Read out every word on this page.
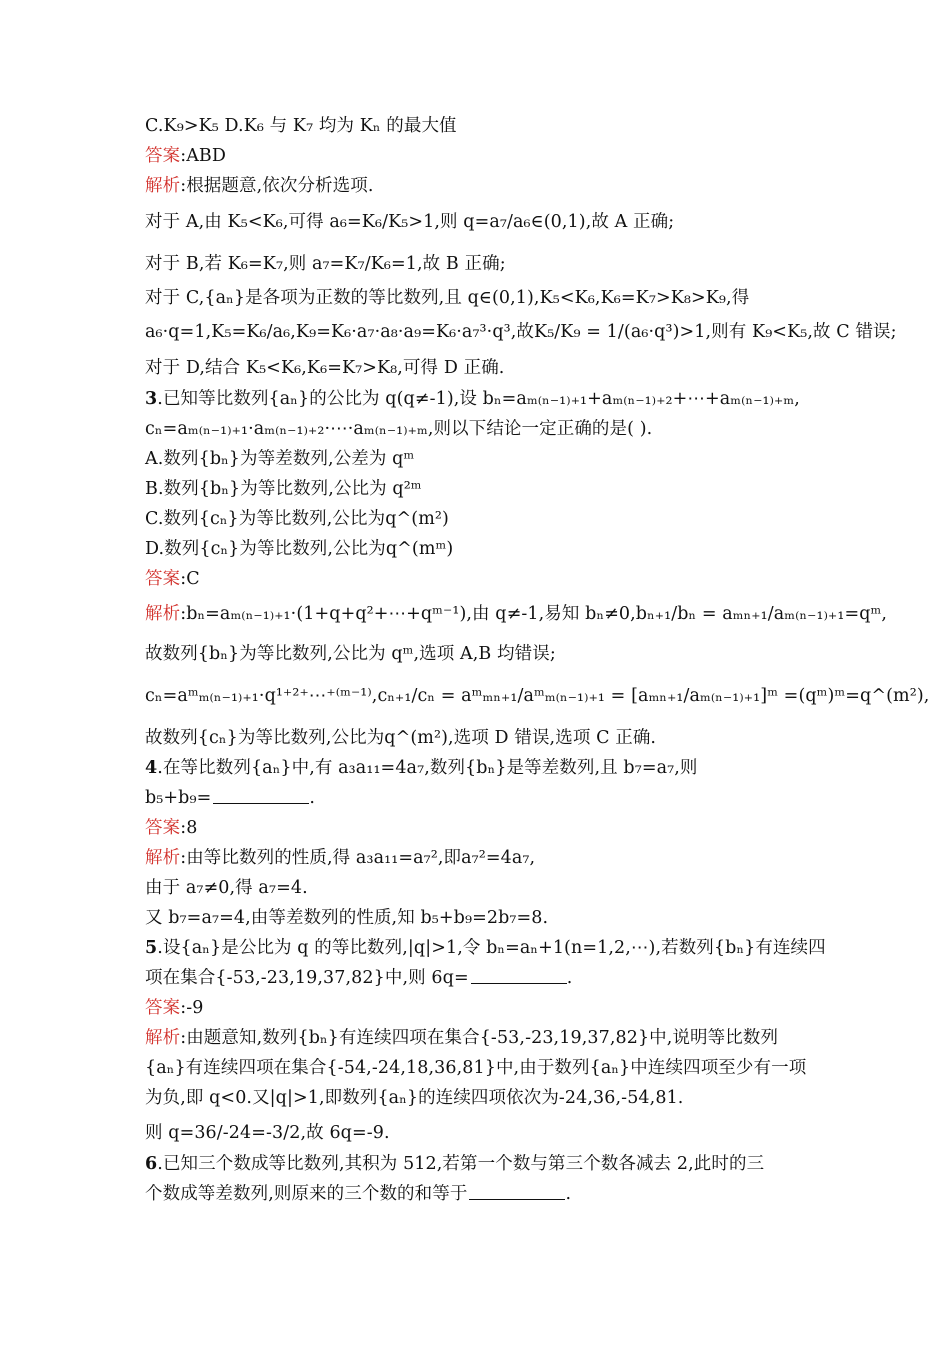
C.K₉>K₅ D.K₆ 与 K₇ 均为 Kₙ 的最大值
答案:ABD
解析:根据题意,依次分析选项.
对于 A,由 K₅<K₆,可得 a₆=K₆/K₅>1,则 q=a₇/a₆∈(0,1),故 A 正确;
对于 B,若 K₆=K₇,则 a₇=K₇/K₆=1,故 B 正确;
对于 C,{aₙ}是各项为正数的等比数列,且 q∈(0,1),K₅<K₆,K₆=K₇>K₈>K₉,得
a₆·q=1,K₅=K₆/a₆,K₉=K₆·a₇·a₈·a₉=K₆·a₇³·q³,故K₅/K₉ = 1/(a₆·q³)>1,则有 K₉<K₅,故 C 错误;
对于 D,结合 K₅<K₆,K₆=K₇>K₈,可得 D 正确.
3.已知等比数列{aₙ}的公比为 q(q≠-1),设 bₙ=aₘ₍ₙ₋₁₎₊₁+aₘ₍ₙ₋₁₎₊₂+⋯+aₘ₍ₙ₋₁₎₊ₘ,
cₙ=aₘ₍ₙ₋₁₎₊₁·aₘ₍ₙ₋₁₎₊₂·⋯·aₘ₍ₙ₋₁₎₊ₘ,则以下结论一定正确的是( ).
A.数列{bₙ}为等差数列,公差为 qᵐ
B.数列{bₙ}为等比数列,公比为 q²ᵐ
C.数列{cₙ}为等比数列,公比为q^(m²)
D.数列{cₙ}为等比数列,公比为q^(mᵐ)
答案:C
解析:bₙ=aₘ₍ₙ₋₁₎₊₁·(1+q+q²+⋯+qᵐ⁻¹),由 q≠-1,易知 bₙ≠0,bₙ₊₁/bₙ = aₘₙ₊₁/aₘ₍ₙ₋₁₎₊₁=qᵐ,
故数列{bₙ}为等比数列,公比为 qᵐ,选项 A,B 均错误;
cₙ=aᵐₘ₍ₙ₋₁₎₊₁·q¹⁺²⁺⋯⁺⁽ᵐ⁻¹⁾,cₙ₊₁/cₙ = aᵐₘₙ₊₁/aᵐₘ₍ₙ₋₁₎₊₁ = [aₘₙ₊₁/aₘ₍ₙ₋₁₎₊₁]ᵐ =(qᵐ)ᵐ=q^(m²),
故数列{cₙ}为等比数列,公比为q^(m²),选项 D 错误,选项 C 正确.
4.在等比数列{aₙ}中,有 a₃a₁₁=4a₇,数列{bₙ}是等差数列,且 b₇=a₇,则
b₅+b₉=	.
答案:8
解析:由等比数列的性质,得 a₃a₁₁=a₇²,即a₇²=4a₇,
由于 a₇≠0,得 a₇=4.
又 b₇=a₇=4,由等差数列的性质,知 b₅+b₉=2b₇=8.
5.设{aₙ}是公比为 q 的等比数列,|q|>1,令 bₙ=aₙ+1(n=1,2,⋯),若数列{bₙ}有连续四
项在集合{-53,-23,19,37,82}中,则 6q=	.
答案:-9
解析:由题意知,数列{bₙ}有连续四项在集合{-53,-23,19,37,82}中,说明等比数列
{aₙ}有连续四项在集合{-54,-24,18,36,81}中,由于数列{aₙ}中连续四项至少有一项
为负,即 q<0.又|q|>1,即数列{aₙ}的连续四项依次为-24,36,-54,81.
则 q=36/-24=-3/2,故 6q=-9.
6.已知三个数成等比数列,其积为 512,若第一个数与第三个数各减去 2,此时的三
个数成等差数列,则原来的三个数的和等于	.
